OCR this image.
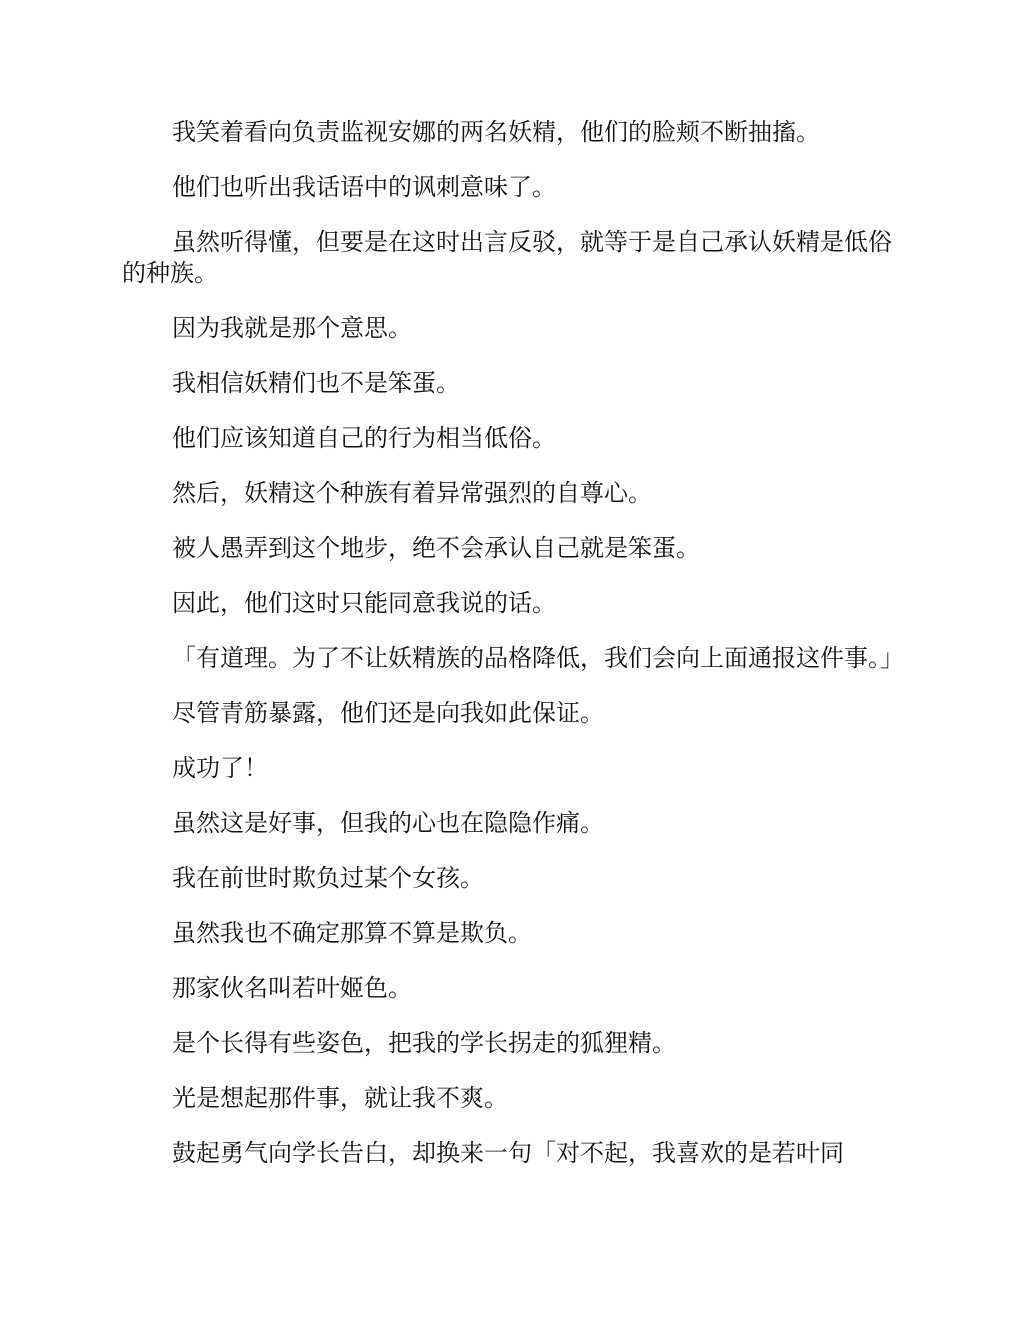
我笑着看向负责监视安娜的两名妖精，他们的脸颊不断抽搐。

他们也听出我话语中的讽刺意味了。

虽然听得懂，但要是在这时出言反驳，就等于是自己承认妖精是低俗的种族。

因为我就是那个意思。

我相信妖精们也不是笨蛋。

他们应该知道自己的行为相当低俗。

然后，妖精这个种族有着异常强烈的自尊心。

被人愚弄到这个地步，绝不会承认自己就是笨蛋。

因此，他们这时只能同意我说的话。

「有道理。为了不让妖精族的品格降低，我们会向上面通报这件事。」

尽管青筋暴露，他们还是向我如此保证。

成功了！

虽然这是好事，但我的心也在隐隐作痛。

我在前世时欺负过某个女孩。

虽然我也不确定那算不算是欺负。

那家伙名叫若叶姬色。

是个长得有些姿色，把我的学长拐走的狐狸精。

光是想起那件事，就让我不爽。

鼓起勇气向学长告白，却换来一句「对不起，我喜欢的是若叶同
